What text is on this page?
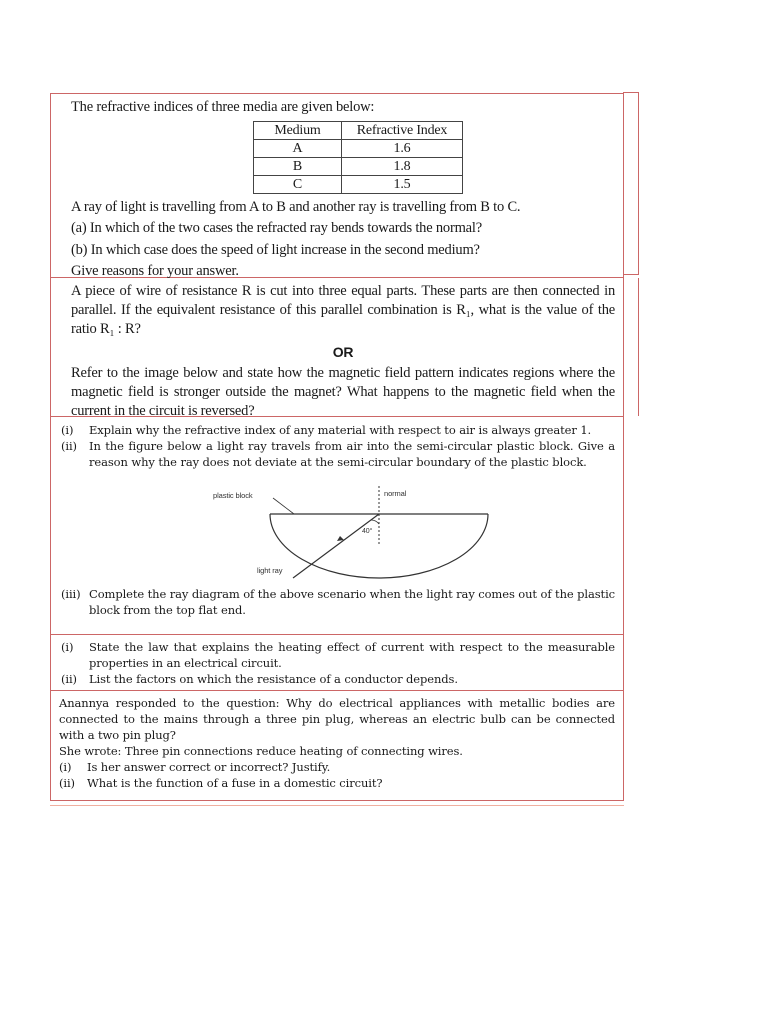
The refractive indices of three media are given below:

Medium	Refractive Index
A	1.6
B	1.8
C	1.5

A ray of light is travelling from A to B and another ray is travelling from B to C.

(a) In which of the two cases the refracted ray bends towards the normal?

(b) In which case does the speed of light increase in the second medium?

Give reasons for your answer.

A piece of wire of resistance R is cut into three equal parts. These parts are then connected in parallel. If the equivalent resistance of this parallel combination is R₁, what is the value of the ratio R₁ : R?

OR

Refer to the image below and state how the magnetic field pattern indicates regions where the magnetic field is stronger outside the magnet? What happens to the magnetic field when the current in the circuit is reversed?

(i)	Explain why the refractive index of any material with respect to air is always greater 1.
(ii)	In the figure below a light ray travels from air into the semi-circular plastic block. Give a reason why the ray does not deviate at the semi-circular boundary of the plastic block.
plastic block	normal
40°
light ray
(iii) Complete the ray diagram of the above scenario when the light ray comes out of the plastic block from the top flat end.
(i)	State the law that explains the heating effect of current with respect to the measurable properties in an electrical circuit.
(ii)	List the factors on which the resistance of a conductor depends.

Anannya responded to the question: Why do electrical appliances with metallic bodies are connected to the mains through a three pin plug, whereas an electric bulb can be connected with a two pin plug?

She wrote: Three pin connections reduce heating of connecting wires.

(i)	Is her answer correct or incorrect? Justify.
(ii)	What is the function of a fuse in a domestic circuit?
